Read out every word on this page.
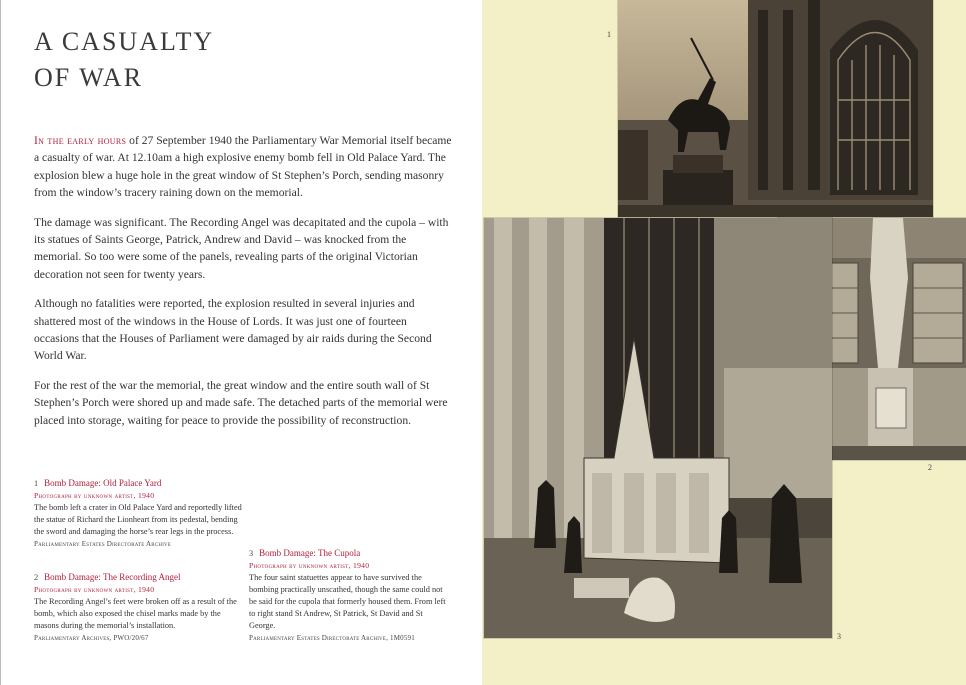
A CASUALTY
OF WAR

In the early hours of 27 September 1940 the Parliamentary War Memorial itself became a casualty of war. At 12.10am a high explosive enemy bomb fell in Old Palace Yard. The explosion blew a huge hole in the great window of St Stephen’s Porch, sending masonry from the window’s tracery raining down on the memorial.

The damage was significant. The Recording Angel was decapitated and the cupola – with its statues of Saints George, Patrick, Andrew and David – was knocked from the memorial. So too were some of the panels, revealing parts of the original Victorian decoration not seen for twenty years.

Although no fatalities were reported, the explosion resulted in several injuries and shattered most of the windows in the House of Lords. It was just one of fourteen occasions that the Houses of Parliament were damaged by air raids during the Second World War.

For the rest of the war the memorial, the great window and the entire south wall of St Stephen’s Porch were shored up and made safe. The detached parts of the memorial were placed into storage, waiting for peace to provide the possibility of reconstruction.

1 Bomb Damage: Old Palace Yard
Photograph by unknown artist, 1940
The bomb left a crater in Old Palace Yard and reportedly lifted the statue of Richard the Lionheart from its pedestal, bending the sword and damaging the horse’s rear legs in the process.
Parliamentary Estates Directorate Archive
2 Bomb Damage: The Recording Angel
Photograph by unknown artist, 1940
The Recording Angel’s feet were broken off as a result of the bomb, which also exposed the chisel marks made by the masons during the memorial’s installation.
Parliamentary Archives, PWO/20/67
3 Bomb Damage: The Cupola
Photograph by unknown artist, 1940
The four saint statuettes appear to have survived the bombing practically unscathed, though the same could not be said for the cupola that formerly housed them. From left to right stand St Andrew, St Patrick, St David and St George.
Parliamentary Estates Directorate Archive, 1M0591
1
2
3
